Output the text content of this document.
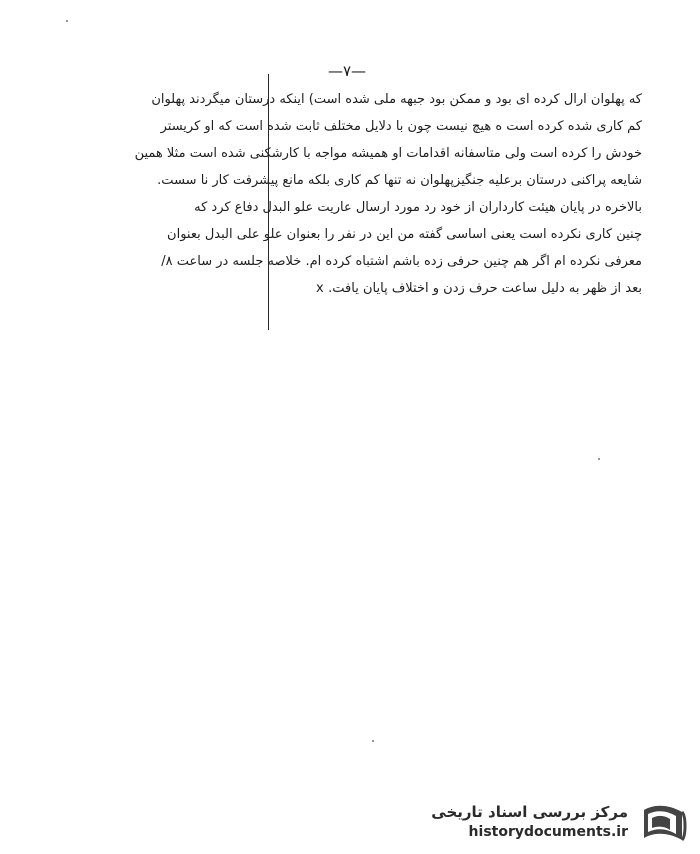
—۷—
که پهلوان ارال کرده ای بود و ممکن بود جبهه ملی شده است) اینکه درستان میگردند پهلوان
کم کاری شده کرده است ه هیچ نیست چون با دلایل مختلف ثابت شده است که او کریستر
خودش را کرده است ولی متاسفانه اقدامات او همیشه مواجه با کارشکنی شده است مثلا همین
شایعه پراکنی درستان برعلیه جنگیزپهلوان نه تنها کم کاری بلکه مانع پیشرفت کار نا سست.
بالاخره در پایان هیئت کارداران از خود رد مورد ارسال عاریت علو البدل دفاع کرد که
چنین کاری نکرده است یعنی اساسی گفته من این در نفر را بعنوان علو علی البدل بعنوان
معرفی نکرده ام اگر هم چنین حرفی زده باشم اشتباه کرده ام. خلاصه جلسه در ساعت ۸/
بعد از ظهر به دلیل ساعت حرف زدن و اختلاف پایان یافت. x
مرکز بررسی اسناد تاریخی
historydocuments.ir
